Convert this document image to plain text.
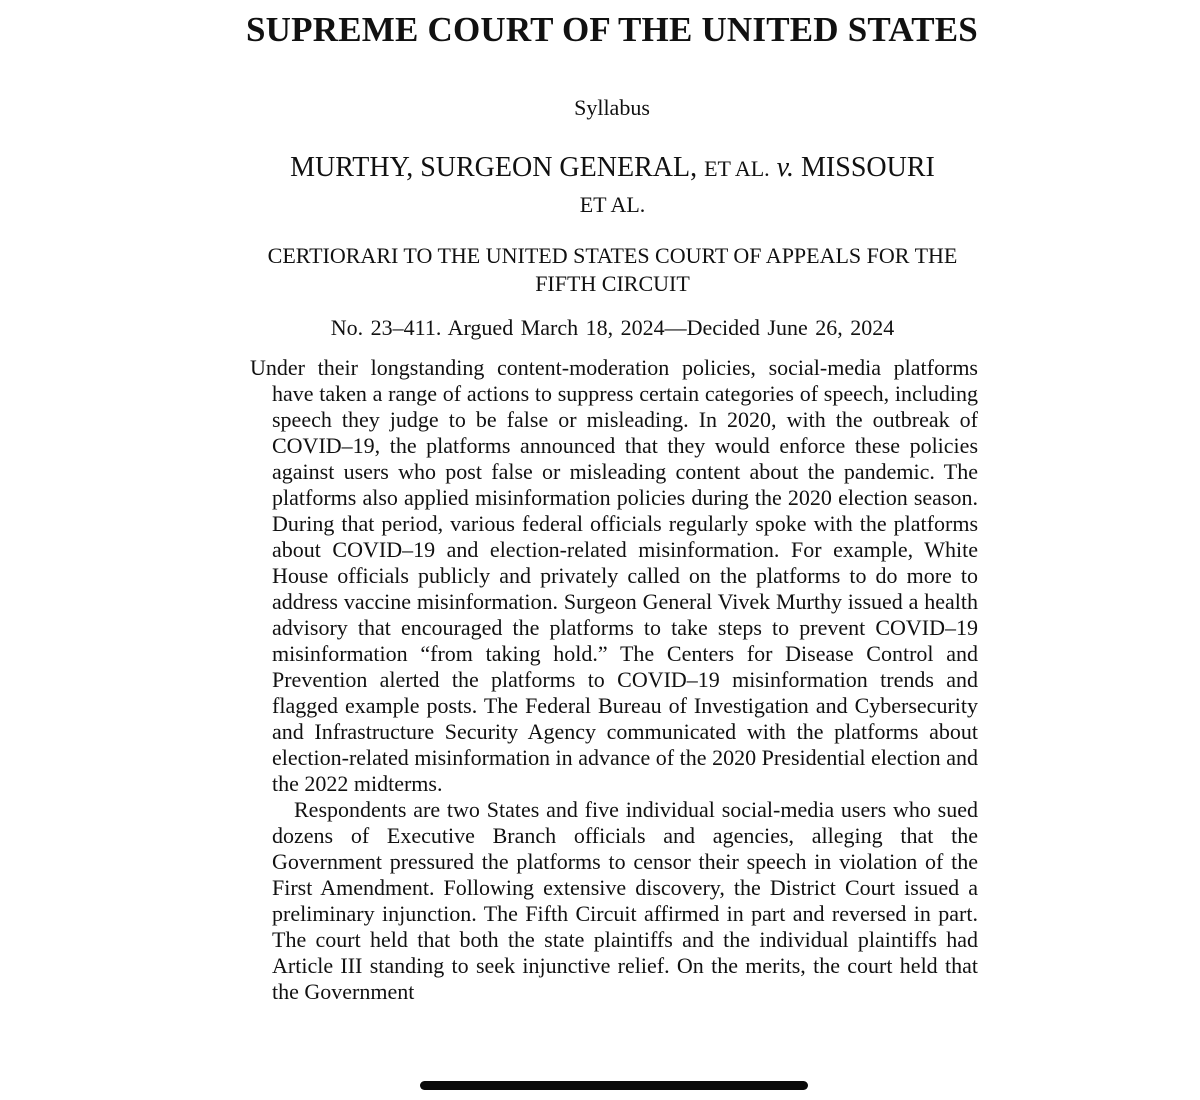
SUPREME COURT OF THE UNITED STATES
Syllabus
MURTHY, SURGEON GENERAL, ET AL. v. MISSOURI
ET AL.
CERTIORARI TO THE UNITED STATES COURT OF APPEALS FOR THE FIFTH CIRCUIT
No. 23–411. Argued March 18, 2024—Decided June 26, 2024

Under their longstanding content-moderation policies, social-media platforms have taken a range of actions to suppress certain categories of speech, including speech they judge to be false or misleading. In 2020, with the outbreak of COVID–19, the platforms announced that they would enforce these policies against users who post false or misleading content about the pandemic. The platforms also applied misinformation policies during the 2020 election season. During that period, various federal officials regularly spoke with the platforms about COVID–19 and election-related misinformation. For example, White House officials publicly and privately called on the platforms to do more to address vaccine misinformation. Surgeon General Vivek Murthy issued a health advisory that encouraged the platforms to take steps to prevent COVID–19 misinformation “from taking hold.” The Centers for Disease Control and Prevention alerted the platforms to COVID–19 misinformation trends and flagged example posts. The Federal Bureau of Investigation and Cybersecurity and Infrastructure Security Agency communicated with the platforms about election-related misinformation in advance of the 2020 Presidential election and the 2022 midterms.

Respondents are two States and five individual social-media users who sued dozens of Executive Branch officials and agencies, alleging that the Government pressured the platforms to censor their speech in violation of the First Amendment. Following extensive discovery, the District Court issued a preliminary injunction. The Fifth Circuit affirmed in part and reversed in part. The court held that both the state plaintiffs and the individual plaintiffs had Article III standing to seek injunctive relief. On the merits, the court held that the Government
